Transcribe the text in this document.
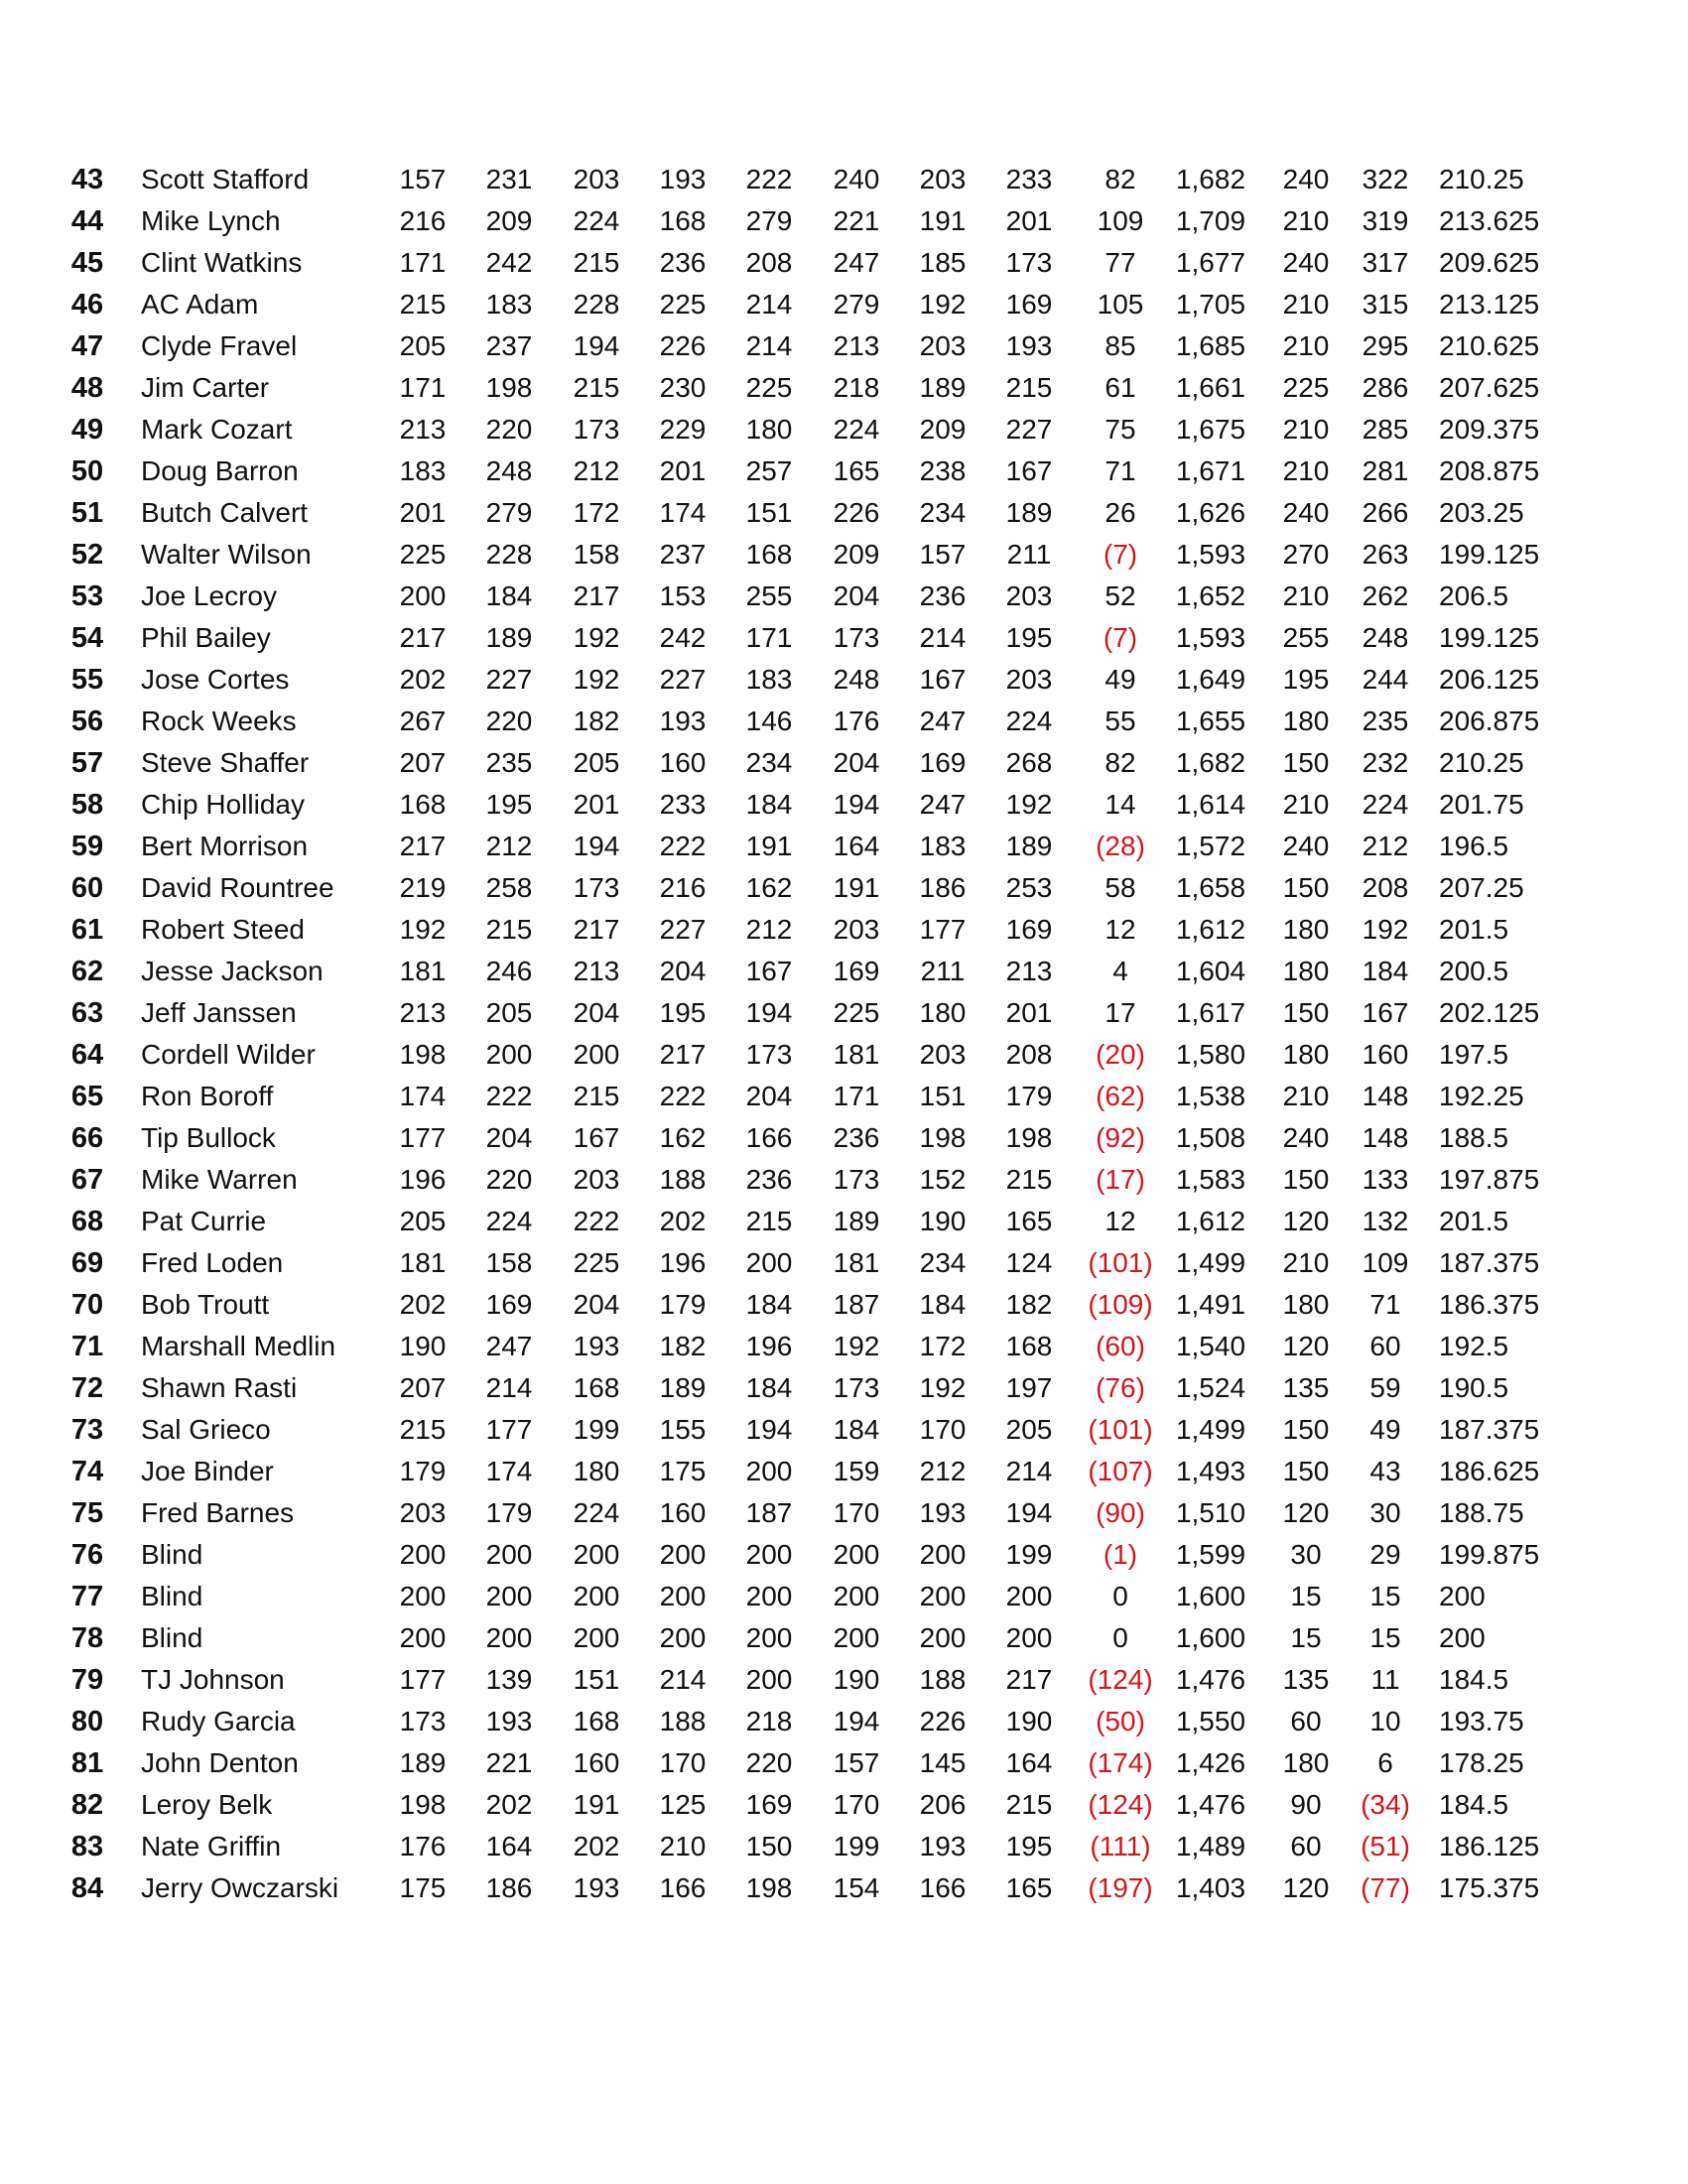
43	Scott Stafford	157	231	203	193	222	240	203	233	82	1,682	240	322	210.25
44	Mike Lynch	216	209	224	168	279	221	191	201	109	1,709	210	319	213.625
45	Clint Watkins	171	242	215	236	208	247	185	173	77	1,677	240	317	209.625
46	AC Adam	215	183	228	225	214	279	192	169	105	1,705	210	315	213.125
47	Clyde Fravel	205	237	194	226	214	213	203	193	85	1,685	210	295	210.625
48	Jim Carter	171	198	215	230	225	218	189	215	61	1,661	225	286	207.625
49	Mark Cozart	213	220	173	229	180	224	209	227	75	1,675	210	285	209.375
50	Doug Barron	183	248	212	201	257	165	238	167	71	1,671	210	281	208.875
51	Butch Calvert	201	279	172	174	151	226	234	189	26	1,626	240	266	203.25
52	Walter Wilson	225	228	158	237	168	209	157	211	(7)	1,593	270	263	199.125
53	Joe Lecroy	200	184	217	153	255	204	236	203	52	1,652	210	262	206.5
54	Phil Bailey	217	189	192	242	171	173	214	195	(7)	1,593	255	248	199.125
55	Jose Cortes	202	227	192	227	183	248	167	203	49	1,649	195	244	206.125
56	Rock Weeks	267	220	182	193	146	176	247	224	55	1,655	180	235	206.875
57	Steve Shaffer	207	235	205	160	234	204	169	268	82	1,682	150	232	210.25
58	Chip Holliday	168	195	201	233	184	194	247	192	14	1,614	210	224	201.75
59	Bert Morrison	217	212	194	222	191	164	183	189	(28)	1,572	240	212	196.5
60	David Rountree	219	258	173	216	162	191	186	253	58	1,658	150	208	207.25
61	Robert Steed	192	215	217	227	212	203	177	169	12	1,612	180	192	201.5
62	Jesse Jackson	181	246	213	204	167	169	211	213	4	1,604	180	184	200.5
63	Jeff Janssen	213	205	204	195	194	225	180	201	17	1,617	150	167	202.125
64	Cordell Wilder	198	200	200	217	173	181	203	208	(20)	1,580	180	160	197.5
65	Ron Boroff	174	222	215	222	204	171	151	179	(62)	1,538	210	148	192.25
66	Tip Bullock	177	204	167	162	166	236	198	198	(92)	1,508	240	148	188.5
67	Mike Warren	196	220	203	188	236	173	152	215	(17)	1,583	150	133	197.875
68	Pat Currie	205	224	222	202	215	189	190	165	12	1,612	120	132	201.5
69	Fred Loden	181	158	225	196	200	181	234	124	(101) 1,499	210	109	187.375
70	Bob Troutt	202	169	204	179	184	187	184	182	(109) 1,491	180	71	186.375
71	Marshall Medlin	190	247	193	182	196	192	172	168	(60)	1,540	120	60	192.5
72	Shawn Rasti	207	214	168	189	184	173	192	197	(76)	1,524	135	59	190.5
73	Sal Grieco	215	177	199	155	194	184	170	205	(101) 1,499	150	49	187.375
74	Joe Binder	179	174	180	175	200	159	212	214	(107) 1,493	150	43	186.625
75	Fred Barnes	203	179	224	160	187	170	193	194	(90)	1,510	120	30	188.75
76	Blind	200	200	200	200	200	200	200	199	(1)	1,599	30	29	199.875
77	Blind	200	200	200	200	200	200	200	200	0	1,600	15	15	200
78	Blind	200	200	200	200	200	200	200	200	0	1,600	15	15	200
79	TJ Johnson	177	139	151	214	200	190	188	217	(124) 1,476	135	11	184.5
80	Rudy Garcia	173	193	168	188	218	194	226	190	(50)	1,550	60	10	193.75
81	John Denton	189	221	160	170	220	157	145	164	(174) 1,426	180	6	178.25
82	Leroy Belk	198	202	191	125	169	170	206	215	(124) 1,476	90	(34)	184.5
83	Nate Griffin	176	164	202	210	150	199	193	195	(111) 1,489	60	(51)	186.125
84	Jerry Owczarski	175	186	193	166	198	154	166	165	(197) 1,403	120	(77)	175.375
